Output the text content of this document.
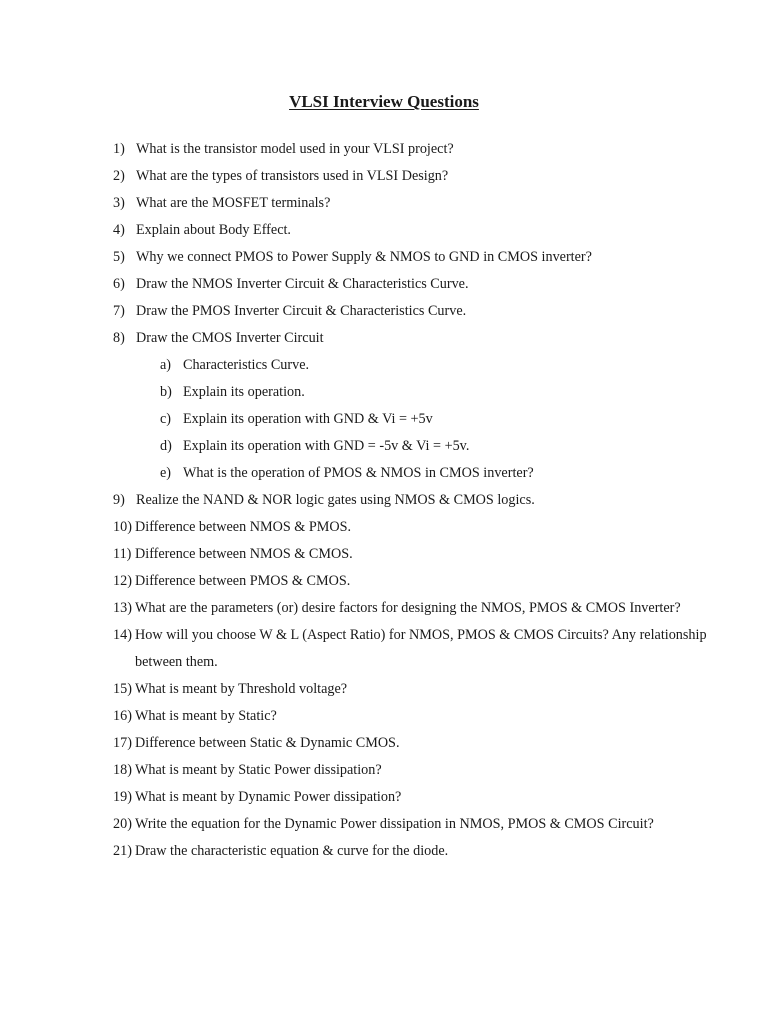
VLSI Interview Questions
1) What is the transistor model used in your VLSI project?
2) What are the types of transistors used in VLSI Design?
3) What are the MOSFET terminals?
4) Explain about Body Effect.
5) Why we connect PMOS to Power Supply & NMOS to GND in CMOS inverter?
6) Draw the NMOS Inverter Circuit & Characteristics Curve.
7) Draw the PMOS Inverter Circuit & Characteristics Curve.
8) Draw the CMOS Inverter Circuit
a) Characteristics Curve.
b) Explain its operation.
c) Explain its operation with GND & Vi = +5v
d) Explain its operation with GND = -5v & Vi = +5v.
e) What is the operation of PMOS & NMOS in CMOS inverter?
9) Realize the NAND & NOR logic gates using NMOS & CMOS logics.
10) Difference between NMOS & PMOS.
11) Difference between NMOS & CMOS.
12) Difference between PMOS & CMOS.
13) What are the parameters (or) desire factors for designing the NMOS, PMOS & CMOS Inverter?
14) How will you choose W & L (Aspect Ratio) for NMOS, PMOS & CMOS Circuits? Any relationship between them.
15) What is meant by Threshold voltage?
16) What is meant by Static?
17) Difference between Static & Dynamic CMOS.
18) What is meant by Static Power dissipation?
19) What is meant by Dynamic Power dissipation?
20) Write the equation for the Dynamic Power dissipation in NMOS, PMOS & CMOS Circuit?
21) Draw the characteristic equation & curve for the diode.
